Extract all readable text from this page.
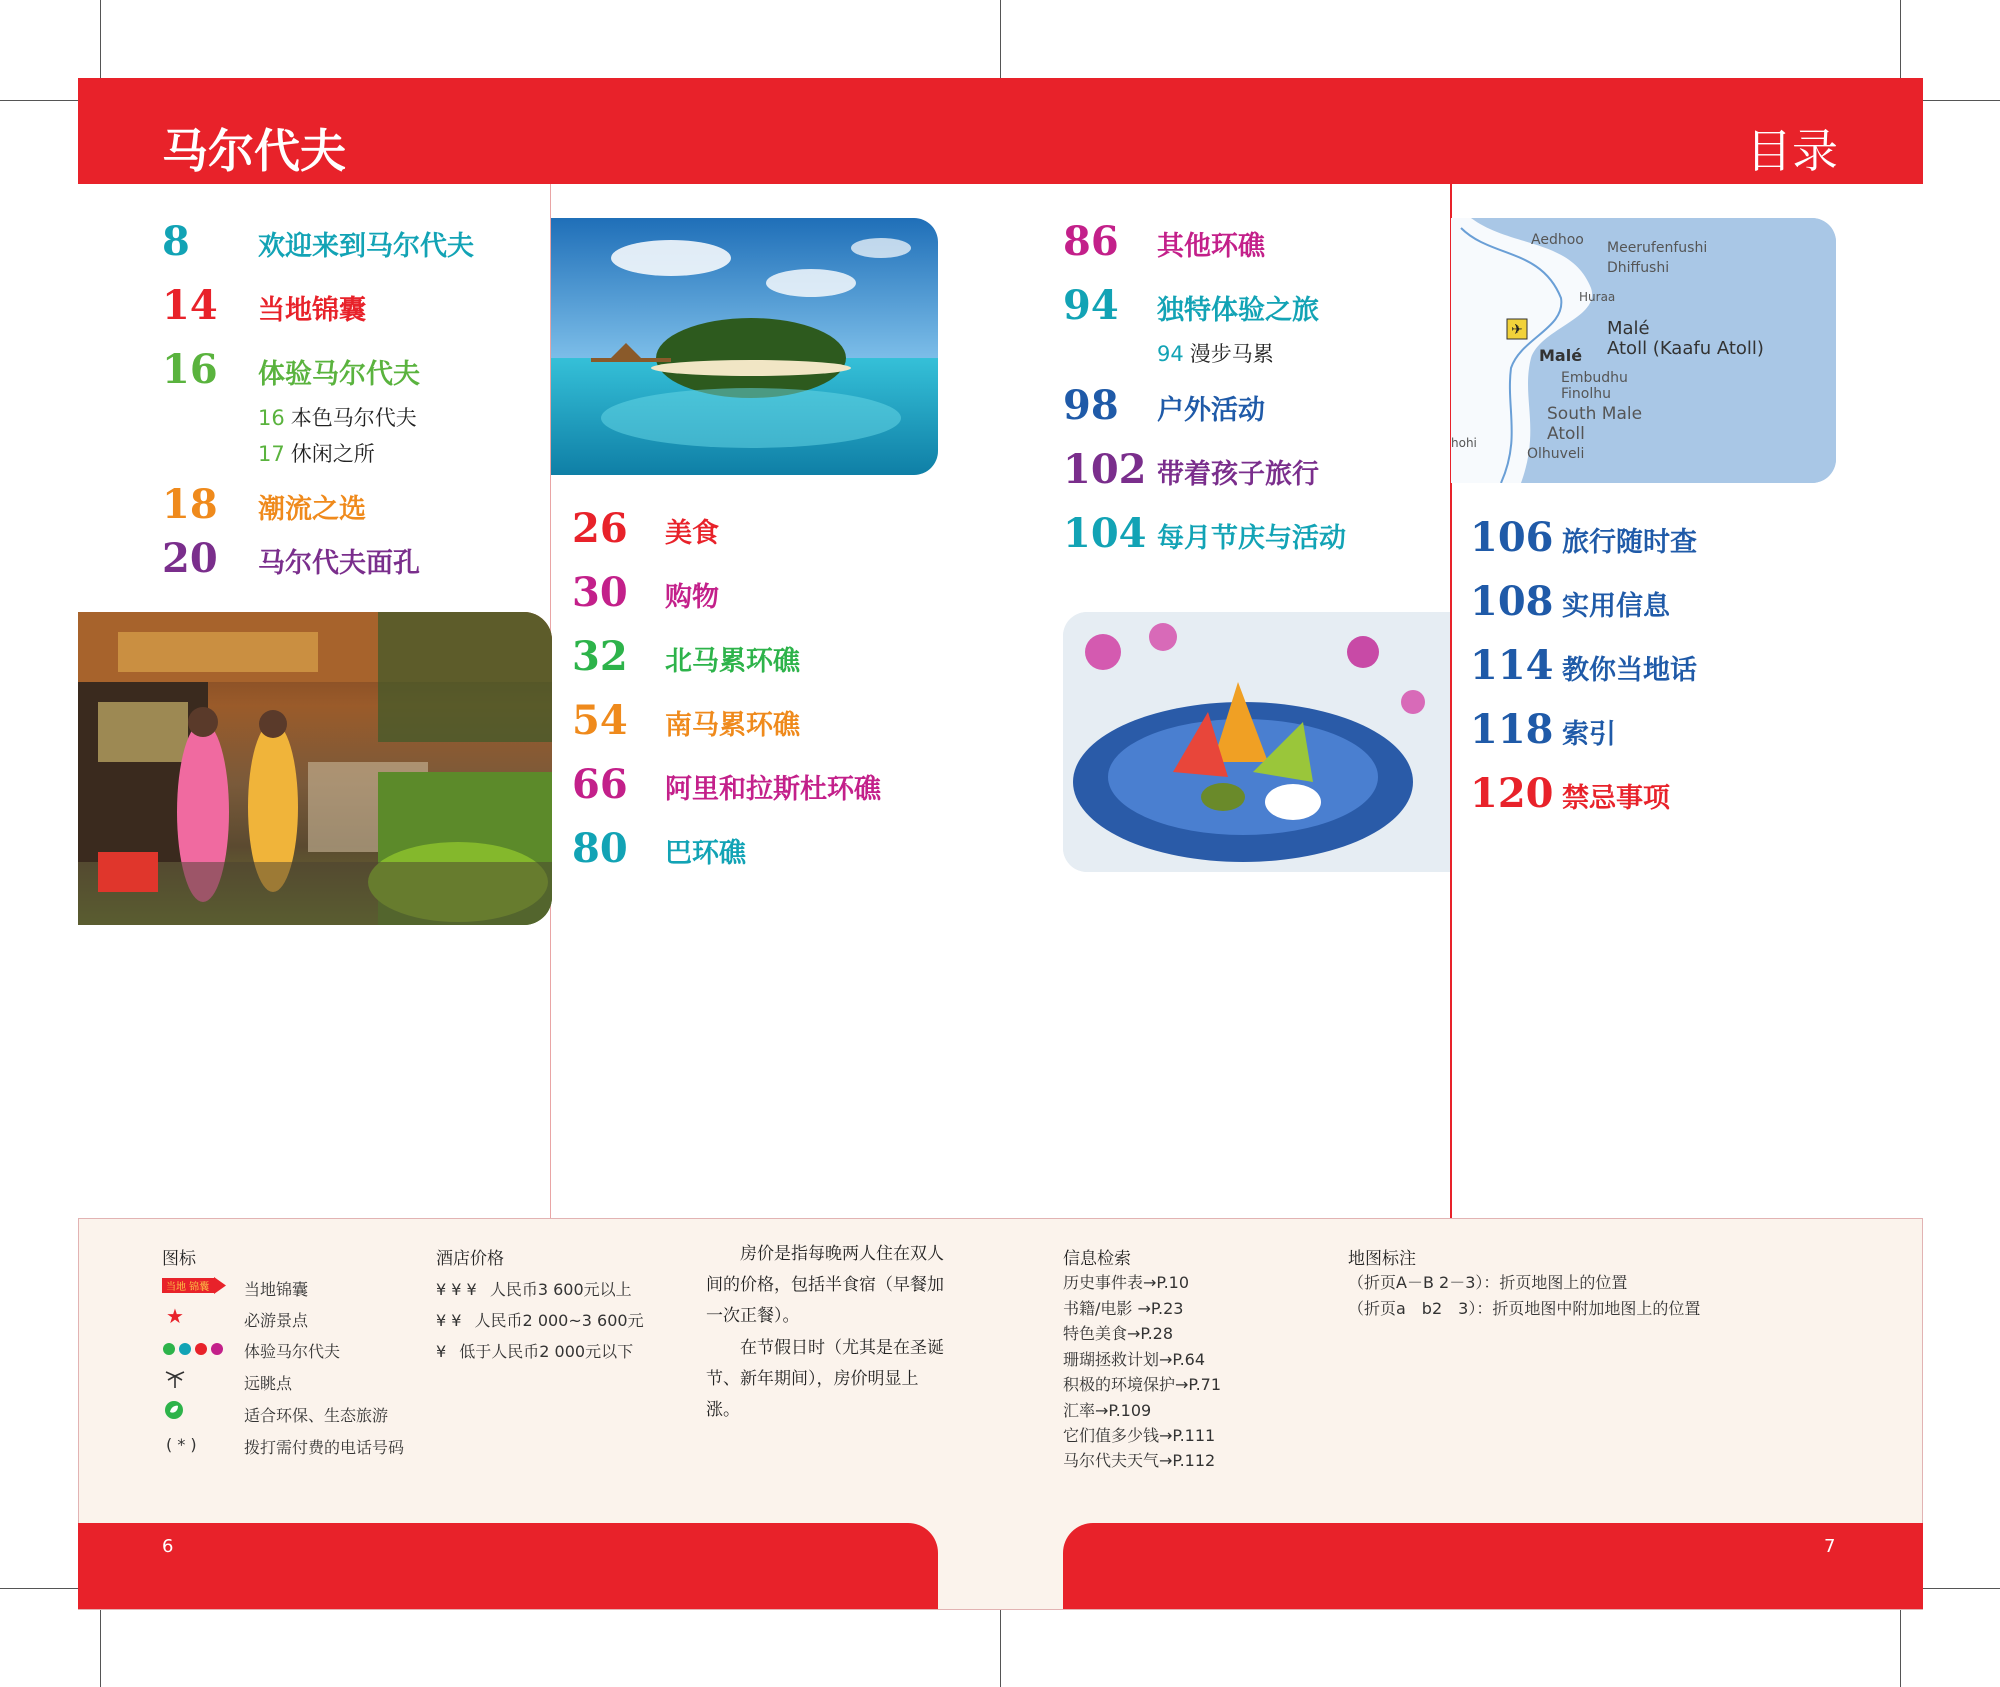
马尔代夫	目录
8	欢迎来到马尔代夫
14	当地锦囊
16	体验马尔代夫
16 本色马尔代夫
17 休闲之所
18	潮流之选
20	马尔代夫面孔
26	美食
30	购物
32	北马累环礁
54	南马累环礁
66	阿里和拉斯杜环礁
80	巴环礁
86	其他环礁
94	独特体验之旅
94 漫步马累
98	户外活动
102 带着孩子旅行
104 每月节庆与活动
✈
Aedhoo Meerufenfushi
Dhiffushi
Huraa
Malé
Malé Atoll (Kaafu Atoll)
Embudhu
Finolhu
South Male
Atoll
Olhuveli
hohi
106 旅行随时查
108 实用信息
114 教你当地话
118 索引
120 禁忌事项
图标
当地 锦囊 当地锦囊
★	必游景点
体验马尔代夫
远眺点
适合环保、生态旅游
( * )	拨打需付费的电话号码
酒店价格
¥ ¥ ¥ 人民币3 600元以上
¥ ¥ 人民币2 000~3 600元
¥ 低于人民币2 000元以下
房价是指每晚两人住在双人间的价格，包括半食宿（早餐加一次正餐）。
在节假日时（尤其是在圣诞节、新年期间），房价明显上涨。
信息检索
历史事件表→P.10
书籍/电影 →P.23
特色美食→P.28
珊瑚拯救计划→P.64
积极的环境保护→P.71
汇率→P.109
它们值多少钱→P.111
马尔代夫天气→P.112
地图标注
（折页A－B 2－3）：折页地图上的位置
（折页a　b2　3）：折页地图中附加地图上的位置
6	7
